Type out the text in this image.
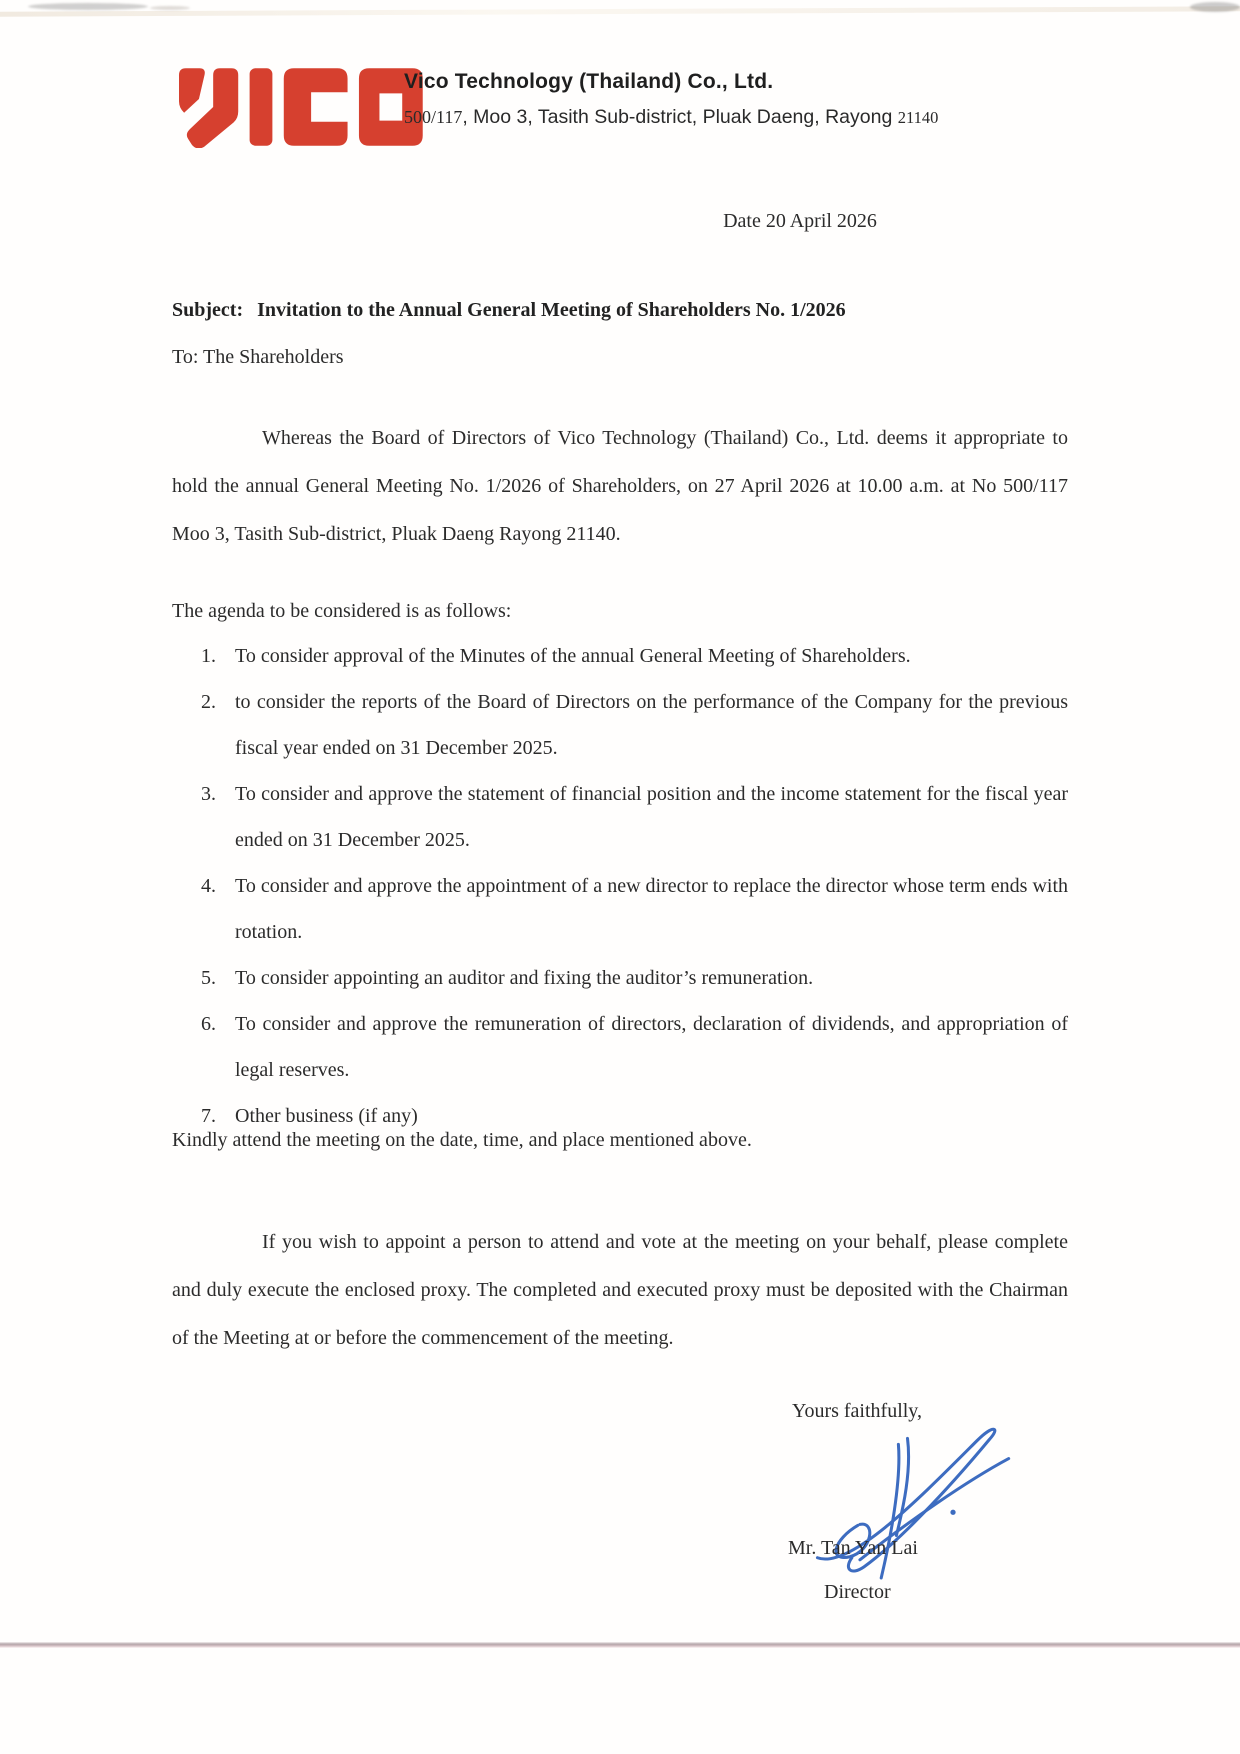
Vico Technology (Thailand) Co., Ltd.
500/117, Moo 3, Tasith Sub-district, Pluak Daeng, Rayong 21140
Date 20 April 2026
Subject: Invitation to the Annual General Meeting of Shareholders No. 1/2026
To: The Shareholders

Whereas the Board of Directors of Vico Technology (Thailand) Co., Ltd. deems it appropriate to hold the annual General Meeting No. 1/2026 of Shareholders, on 27 April 2026 at 10.00 a.m. at No 500/117 Moo 3, Tasith Sub-district, Pluak Daeng Rayong 21140.

The agenda to be considered is as follows:
1. To consider approval of the Minutes of the annual General Meeting of Shareholders.
2. to consider the reports of the Board of Directors on the performance of the Company for the previous fiscal year ended on 31 December 2025.
3. To consider and approve the statement of financial position and the income statement for the fiscal year ended on 31 December 2025.
4. To consider and approve the appointment of a new director to replace the director whose term ends with rotation.
5. To consider appointing an auditor and fixing the auditor’s remuneration.
6. To consider and approve the remuneration of directors, declaration of dividends, and appropriation of legal reserves.
7. Other business (if any)
Kindly attend the meeting on the date, time, and place mentioned above.

If you wish to appoint a person to attend and vote at the meeting on your behalf, please complete and duly execute the enclosed proxy. The completed and executed proxy must be deposited with the Chairman of the Meeting at or before the commencement of the meeting.

Yours faithfully,
Mr. Tan Yan Lai
Director
